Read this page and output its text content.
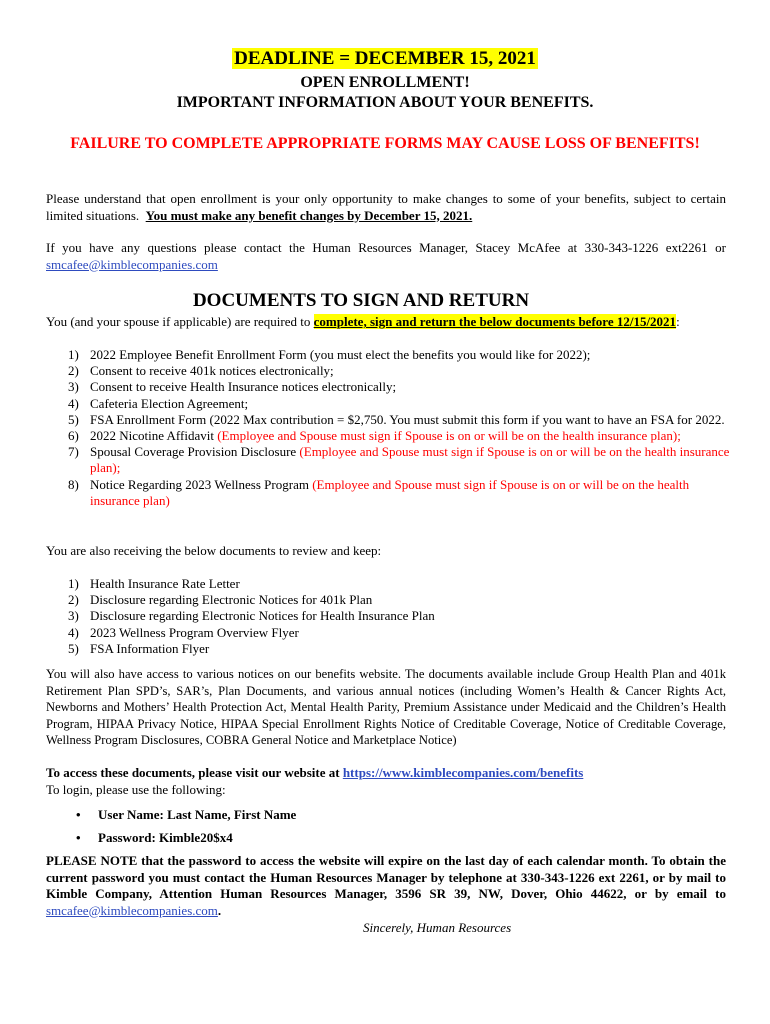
DEADLINE = DECEMBER 15, 2021
OPEN ENROLLMENT!
IMPORTANT INFORMATION ABOUT YOUR BENEFITS.
FAILURE TO COMPLETE APPROPRIATE FORMS MAY CAUSE LOSS OF BENEFITS!
Please understand that open enrollment is your only opportunity to make changes to some of your benefits, subject to certain limited situations. You must make any benefit changes by December 15, 2021.
If you have any questions please contact the Human Resources Manager, Stacey McAfee at 330-343-1226 ext2261 or smcafee@kimblecompanies.com
DOCUMENTS TO SIGN AND RETURN
You (and your spouse if applicable) are required to complete, sign and return the below documents before 12/15/2021:
1) 2022 Employee Benefit Enrollment Form (you must elect the benefits you would like for 2022);
2) Consent to receive 401k notices electronically;
3) Consent to receive Health Insurance notices electronically;
4) Cafeteria Election Agreement;
5) FSA Enrollment Form (2022 Max contribution = $2,750. You must submit this form if you want to have an FSA for 2022.
6) 2022 Nicotine Affidavit (Employee and Spouse must sign if Spouse is on or will be on the health insurance plan);
7) Spousal Coverage Provision Disclosure (Employee and Spouse must sign if Spouse is on or will be on the health insurance plan);
8) Notice Regarding 2023 Wellness Program (Employee and Spouse must sign if Spouse is on or will be on the health insurance plan)
You are also receiving the below documents to review and keep:
1) Health Insurance Rate Letter
2) Disclosure regarding Electronic Notices for 401k Plan
3) Disclosure regarding Electronic Notices for Health Insurance Plan
4) 2023 Wellness Program Overview Flyer
5) FSA Information Flyer
You will also have access to various notices on our benefits website. The documents available include Group Health Plan and 401k Retirement Plan SPD’s, SAR’s, Plan Documents, and various annual notices (including Women’s Health & Cancer Rights Act, Newborns and Mothers’ Health Protection Act, Mental Health Parity, Premium Assistance under Medicaid and the Children’s Health Program, HIPAA Privacy Notice, HIPAA Special Enrollment Rights Notice of Creditable Coverage, Notice of Creditable Coverage, Wellness Program Disclosures, COBRA General Notice and Marketplace Notice)
To access these documents, please visit our website at https://www.kimblecompanies.com/benefits
To login, please use the following:
• User Name: Last Name, First Name
• Password: Kimble20$x4
PLEASE NOTE that the password to access the website will expire on the last day of each calendar month. To obtain the current password you must contact the Human Resources Manager by telephone at 330-343-1226 ext 2261, or by mail to Kimble Company, Attention Human Resources Manager, 3596 SR 39, NW, Dover, Ohio 44622, or by email to smcafee@kimblecompanies.com.
Sincerely, Human Resources
